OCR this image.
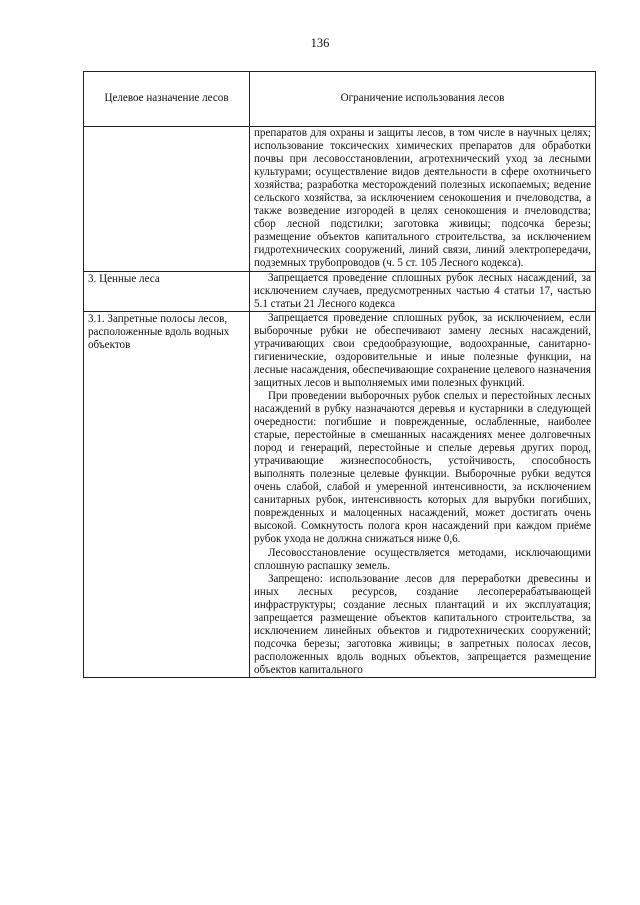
136
Целевое назначение лесов	Ограничение использования лесов

	препаратов для охраны и защиты лесов, в том числе в научных целях; использование токсических химических препаратов для обработки почвы при лесовосстановлении, агротехнический уход за лесными культурами; осуществление видов деятельности в сфере охотничьего хозяйства; разработка месторождений полезных ископаемых; ведение сельского хозяйства, за исключением сенокошения и пчеловодства, а также возведение изгородей в целях сенокошения и пчеловодства; сбор лесной подстилки; заготовка живицы; подсочка березы; размещение объектов капитального строительства, за исключением гидротехнических сооружений, линий связи, линий электропередачи, подземных трубопроводов (ч. 5 ст. 105 Лесного кодекса).

3. Ценные леса	Запрещается проведение сплошных рубок лесных насаждений, за исключением случаев, предусмотренных частью 4 статьи 17, частью 5.1 статьи 21 Лесного кодекса

3.1. Запретные полосы лесов, расположенные вдоль водных объектов	Запрещается проведение сплошных рубок, за исключением, если выборочные рубки не обеспечивают замену лесных насаждений, утрачивающих свои средообразующие, водоохранные, санитарно-гигиенические, оздоровительные и иные полезные функции, на лесные насаждения, обеспечивающие сохранение целевого назначения защитных лесов и выполняемых ими полезных функций.

При проведении выборочных рубок спелых и перестойных лесных насаждений в рубку назначаются деревья и кустарники в следующей очередности: погибшие и поврежденные, ослабленные, наиболее старые, перестойные в смешанных насаждениях менее долговечных пород и генераций, перестойные и спелые деревья других пород, утрачивающие жизнеспособность, устойчивость, способность выполнять полезные целевые функции. Выборочные рубки ведутся очень слабой, слабой и умеренной интенсивности, за исключением санитарных рубок, интенсивность которых для вырубки погибших, поврежденных и малоценных насаждений, может достигать очень высокой. Сомкнутость полога крон насаждений при каждом приёме рубок ухода не должна снижаться ниже 0,6.

Лесовосстановление осуществляется методами, исключающими сплошную распашку земель.

Запрещено: использование лесов для переработки древесины и иных лесных ресурсов, создание лесоперерабатывающей инфраструктуры; создание лесных плантаций и их эксплуатация; запрещается размещение объектов капитального строительства, за исключением линейных объектов и гидротехнических сооружений; подсочка березы; заготовка живицы; в запретных полосах лесов, расположенных вдоль водных объектов, запрещается размещение объектов капитального
